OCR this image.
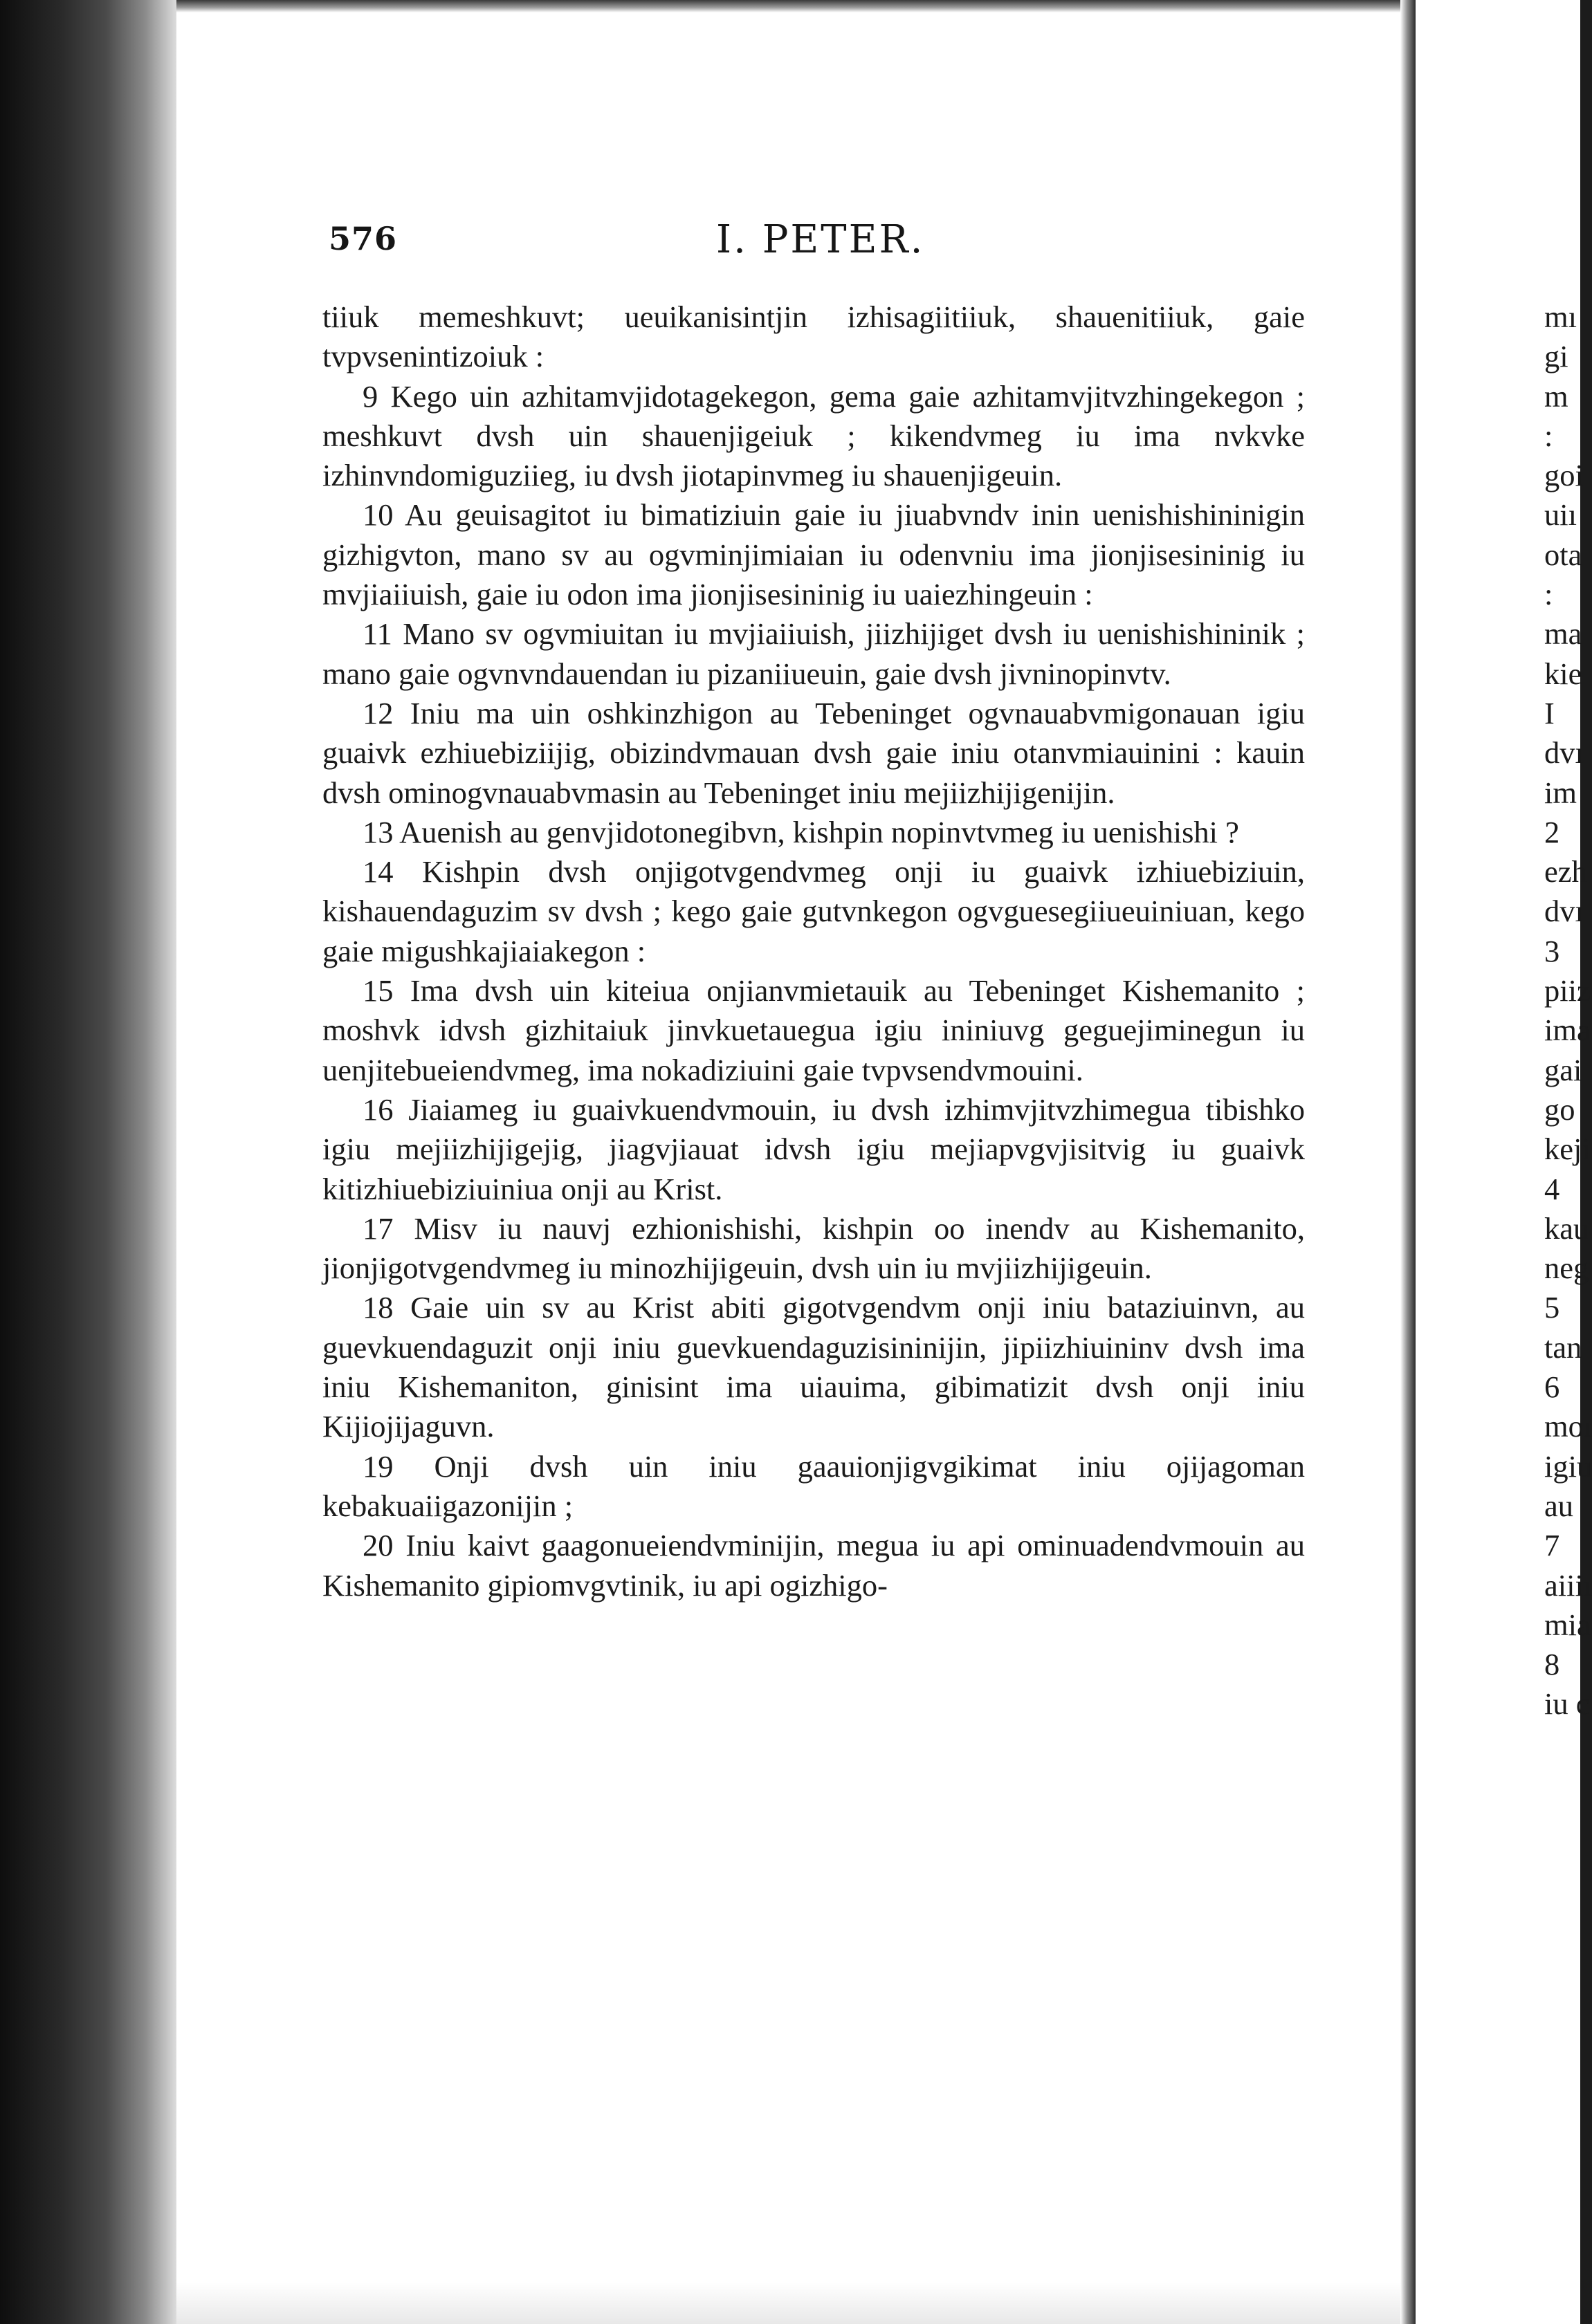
576	I. PETER.

tiiuk memeshkuvt; ueuikanisintjin izhisagiitiiuk, shauenitiiuk, gaie tvpvsenintizoiuk :

9 Kego uin azhitamvjidotagekegon, gema gaie azhitamvjitvzhingekegon ; meshkuvt dvsh uin shauenjigeiuk ; kikendvmeg iu ima nvkvke izhinvndomiguziieg, iu dvsh jiotapinvmeg iu shauenjigeuin.

10 Au geuisagitot iu bimatiziuin gaie iu jiuabvndv inin uenishishininigin gizhigvton, mano sv au ogvminjimiaian iu odenvniu ima jionjisesininig iu mvjiaiiuish, gaie iu odon ima jionjisesininig iu uaiezhingeuin :

11 Mano sv ogvmiuitan iu mvjiaiiuish, jiizhijiget dvsh iu uenishishininik ; mano gaie ogvnvndauendan iu pizaniiueuin, gaie dvsh jivninopinvtv.

12 Iniu ma uin oshkinzhigon au Tebeninget ogvnauabvmigonauan igiu guaivk ezhiuebiziijig, obizindvmauan dvsh gaie iniu otanvmiauinini : kauin dvsh ominogvnauabvmasin au Tebeninget iniu mejiizhijigenijin.

13 Auenish au genvjidotonegibvn, kishpin nopinvtvmeg iu uenishishi ?

14 Kishpin dvsh onjigotvgendvmeg onji iu guaivk izhiuebiziuin, kishauendaguzim sv dvsh ; kego gaie gutvnkegon ogvguesegiiueuiniuan, kego gaie migushkajiaiakegon :

15 Ima dvsh uin kiteiua onjianvmietauik au Tebeninget Kishemanito ; moshvk idvsh gizhitaiuk jinvkuetauegua igiu ininiuvg geguejiminegun iu uenjitebueiendvmeg, ima nokadiziuini gaie tvpvsendvmouini.

16 Jiaiameg iu guaivkuendvmouin, iu dvsh izhimvjitvzhimegua tibishko igiu mejiizhijigejig, jiagvjiauat idvsh igiu mejiapvgvjisitvig iu guaivk kitizhiuebiziuiniua onji au Krist.

17 Misv iu nauvj ezhionishishi, kishpin oo inendv au Kishemanito, jionjigotvgendvmeg iu minozhijigeuin, dvsh uin iu mvjiizhijigeuin.

18 Gaie uin sv au Krist abiti gigotvgendvm onji iniu bataziuinvn, au guevkuendaguzit onji iniu guevkuendaguzisininijin, jipiizhiuininv dvsh ima iniu Kishemaniton, ginisint ima uiauima, gibimatizit dvsh onji iniu Kijiojijaguvn.

19 Onji dvsh uin iniu gaauionjigvgikimat iniu ojijagoman kebakuaiigazonijin ;

20 Iniu kaivt gaagonueiendvminijin, megua iu api ominuadendvmouin au Kishemanito gipiomvgvtinik, iu api ogizhigo-

mı
gi
m
:
goi
uiı
ota
:
ma
kie
I
dvı
im
2
ezh
dvı
3
piiz
ima
gai
go
keji
4
kau
neg
5
tan
6
moı
igiu
au
7
aiiiı
mia
8
iu c
